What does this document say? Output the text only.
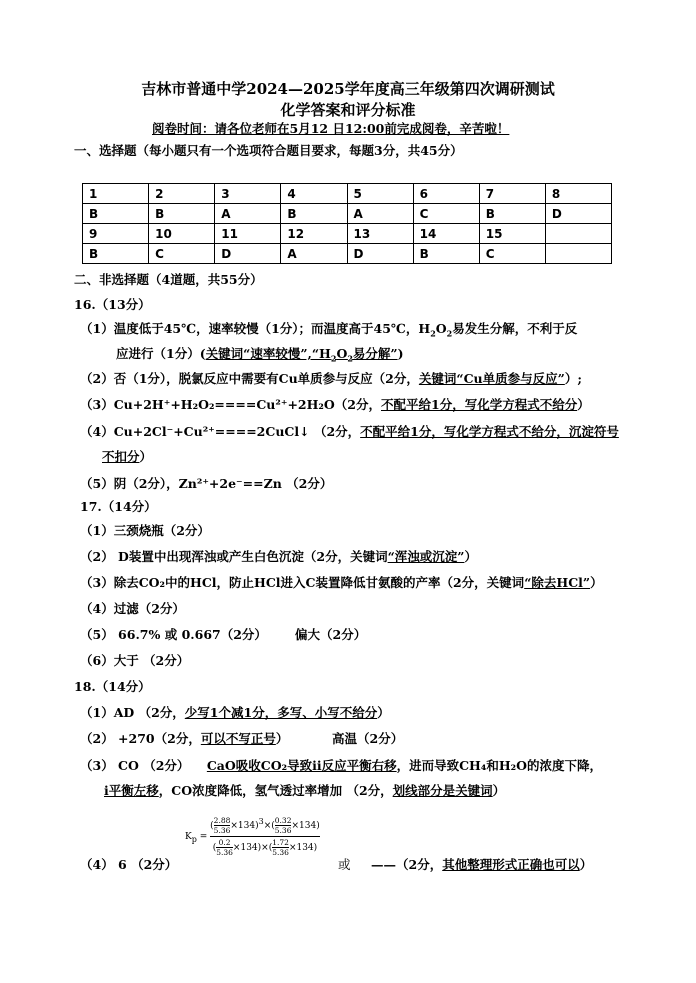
吉林市普通中学2024—2025学年度高三年级第四次调研测试
化学答案和评分标准
阅卷时间：请各位老师在5月12 日12:00前完成阅卷，辛苦啦！
一、选择题（每小题只有一个选项符合题目要求，每题3分，共45分）
1	2	3	4	5	6	7	8
B	B	A	B	A	C	B	D
9	10	11	12	13	14	15	
B	C	D	A	D	B	C	
二、非选择题（4道题，共55分）
16.（13分）
（1）温度低于45℃，速率较慢（1分）；而温度高于45℃，$H_2O_2$易发生分解，不利于反
应进行（1分）(关键词“速率较慢$”,“H_2O_2$易分解”)
（2）否（1分），脱氯反应中需要有Cu单质参与反应（2分，关键词“Cu单质参与反应”）;
（3）Cu+2H⁺+H₂O₂====Cu²⁺+2H₂O（2分，不配平给1分，写化学方程式不给分）
（4）Cu+2Cl⁻+Cu²⁺====2CuCl↓ （2分，不配平给1分，写化学方程式不给分，沉淀符号
不扣分）
（5）阴（2分），Zn²⁺+2e⁻==Zn （2分）
17.（14分）
（1）三颈烧瓶（2分）
（2） D装置中出现浑浊或产生白色沉淀（2分，关键词“浑浊或沉淀”）
（3）除去CO₂中的HCl，防止HCl进入C装置降低甘氨酸的产率（2分，关键词“除去HCl”）
（4）过滤（2分）
（5） 66.7% 或 0.667（2分） 偏大（2分）
（6）大于 （2分）
18.（14分）
（1）AD （2分，少写1个减1分，多写、小写不给分）
（2） +270（2分，可以不写正号）	高温（2分）
（3） CO （2分） CaO吸收CO₂导致ii反应平衡右移，进而导致CH₄和H₂O的浓度下降，
i平衡左移，CO浓度降低，氢气透过率增加 （2分，划线部分是关键词）
$K_p = \frac{( \frac{2.88}{5.36} \times 134)^3\times( \frac{0.32}{5.36} \times 134)}{( \frac{0.2}{5.36} \times 134)\times( \frac{1.72}{5.36} \times 134)}$
（4） 6 （2分）	或 ——（2分，其他整理形式正确也可以）
